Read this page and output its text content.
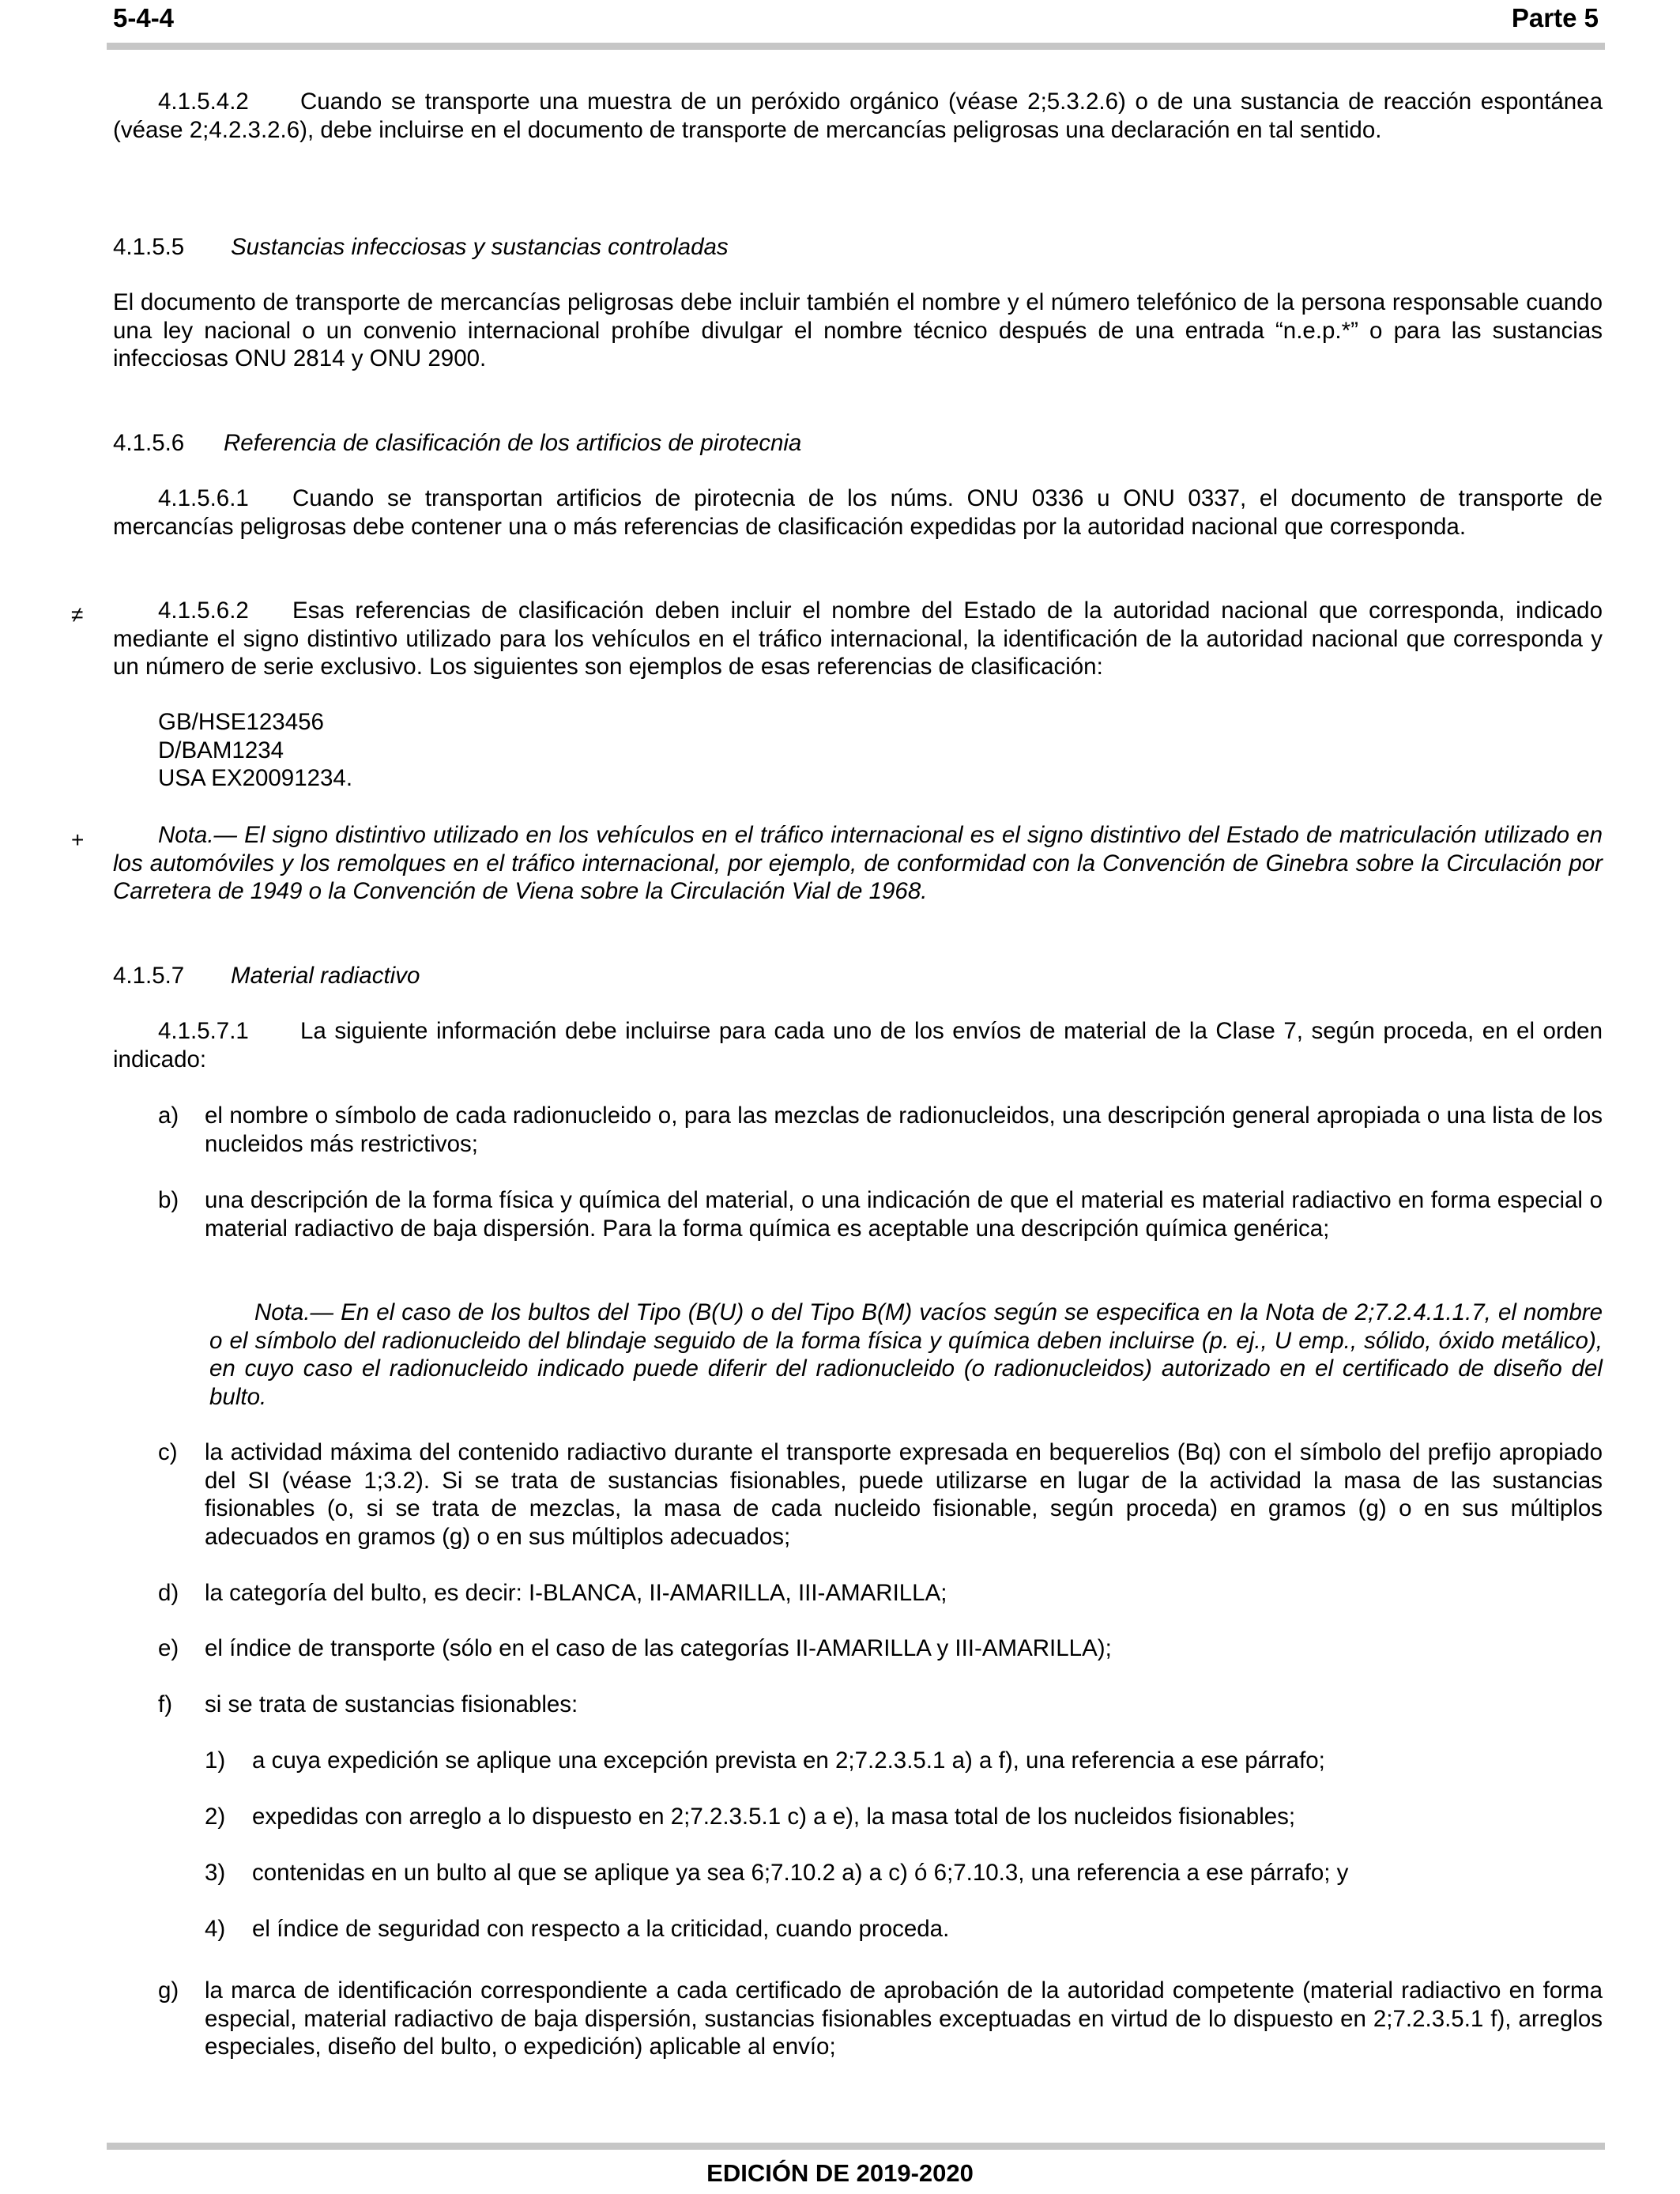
5-4-4	Parte 5
≠
+

4.1.5.4.2 Cuando se transporte una muestra de un peróxido orgánico (véase 2;5.3.2.6) o de una sustancia de reacción espontánea (véase 2;4.2.3.2.6), debe incluirse en el documento de transporte de mercancías peligrosas una declaración en tal sentido.

4.1.5.5 Sustancias infecciosas y sustancias controladas

El documento de transporte de mercancías peligrosas debe incluir también el nombre y el número telefónico de la persona responsable cuando una ley nacional o un convenio internacional prohíbe divulgar el nombre técnico después de una entrada “n.e.p.*” o para las sustancias infecciosas ONU 2814 y ONU 2900.

4.1.5.6 Referencia de clasificación de los artificios de pirotecnia

4.1.5.6.1 Cuando se transportan artificios de pirotecnia de los núms. ONU 0336 u ONU 0337, el documento de transporte de mercancías peligrosas debe contener una o más referencias de clasificación expedidas por la autoridad nacional que corresponda.

4.1.5.6.2 Esas referencias de clasificación deben incluir el nombre del Estado de la autoridad nacional que corresponda, indicado mediante el signo distintivo utilizado para los vehículos en el tráfico internacional, la identificación de la autoridad nacional que corresponda y un número de serie exclusivo. Los siguientes son ejemplos de esas referencias de clasificación:

GB/HSE123456
D/BAM1234
USA EX20091234.

Nota.— El signo distintivo utilizado en los vehículos en el tráfico internacional es el signo distintivo del Estado de matriculación utilizado en los automóviles y los remolques en el tráfico internacional, por ejemplo, de conformidad con la Convención de Ginebra sobre la Circulación por Carretera de 1949 o la Convención de Viena sobre la Circulación Vial de 1968.

4.1.5.7 Material radiactivo

4.1.5.7.1 La siguiente información debe incluirse para cada uno de los envíos de material de la Clase 7, según proceda, en el orden indicado:

a) el nombre o símbolo de cada radionucleido o, para las mezclas de radionucleidos, una descripción general apropiada o una lista de los nucleidos más restrictivos;
b) una descripción de la forma física y química del material, o una indicación de que el material es material radiactivo en forma especial o material radiactivo de baja dispersión. Para la forma química es aceptable una descripción química genérica;

Nota.— En el caso de los bultos del Tipo (B(U) o del Tipo B(M) vacíos según se especifica en la Nota de 2;7.2.4.1.1.7, el nombre o el símbolo del radionucleido del blindaje seguido de la forma física y química deben incluirse (p. ej., U emp., sólido, óxido metálico), en cuyo caso el radionucleido indicado puede diferir del radionucleido (o radionucleidos) autorizado en el certificado de diseño del bulto.

c) la actividad máxima del contenido radiactivo durante el transporte expresada en bequerelios (Bq) con el símbolo del prefijo apropiado del SI (véase 1;3.2). Si se trata de sustancias fisionables, puede utilizarse en lugar de la actividad la masa de las sustancias fisionables (o, si se trata de mezclas, la masa de cada nucleido fisionable, según proceda) en gramos (g) o en sus múltiplos adecuados en gramos (g) o en sus múltiplos adecuados;
d) la categoría del bulto, es decir: I-BLANCA, II-AMARILLA, III-AMARILLA;
e) el índice de transporte (sólo en el caso de las categorías II-AMARILLA y III-AMARILLA);
f) si se trata de sustancias fisionables:
1) a cuya expedición se aplique una excepción prevista en 2;7.2.3.5.1 a) a f), una referencia a ese párrafo;
2) expedidas con arreglo a lo dispuesto en 2;7.2.3.5.1 c) a e), la masa total de los nucleidos fisionables;
3) contenidas en un bulto al que se aplique ya sea 6;7.10.2 a) a c) ó 6;7.10.3, una referencia a ese párrafo; y
4) el índice de seguridad con respecto a la criticidad, cuando proceda.
g) la marca de identificación correspondiente a cada certificado de aprobación de la autoridad competente (material radiactivo en forma especial, material radiactivo de baja dispersión, sustancias fisionables exceptuadas en virtud de lo dispuesto en 2;7.2.3.5.1 f), arreglos especiales, diseño del bulto, o expedición) aplicable al envío;
EDICIÓN DE 2019-2020
